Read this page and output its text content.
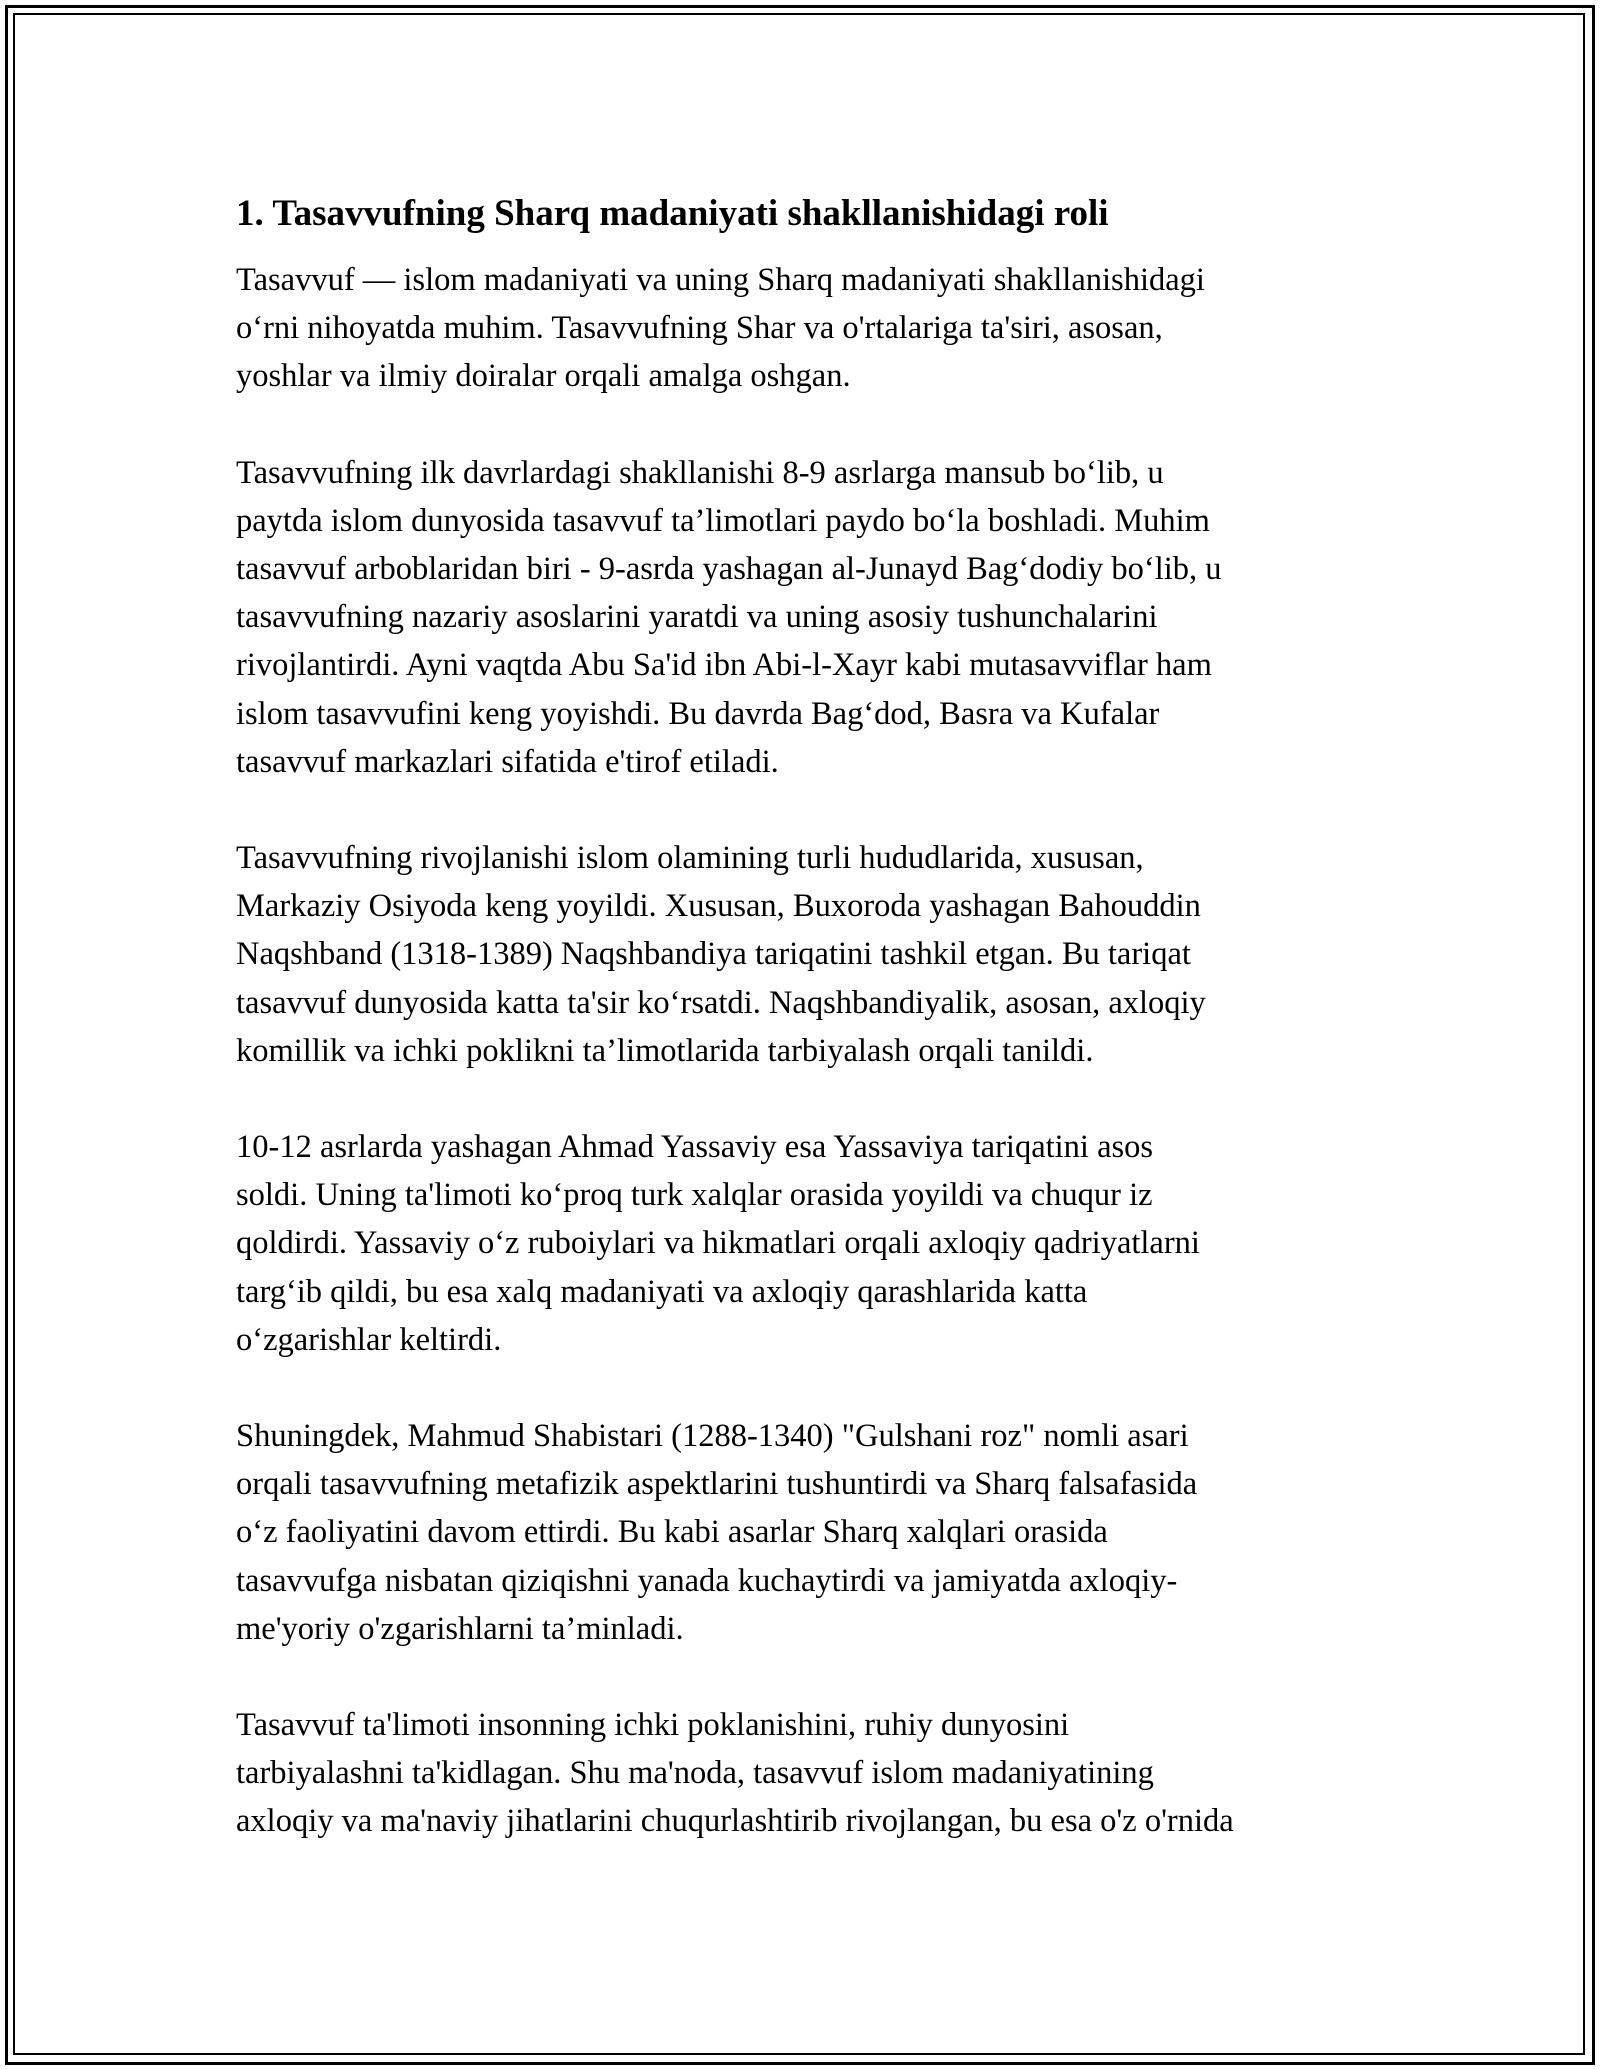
1. Tasavvufning Sharq madaniyati shakllanishidagi roli

Tasavvuf — islom madaniyati va uning Sharq madaniyati shakllanishidagi
o‘rni nihoyatda muhim. Tasavvufning Shar va o'rtalariga ta'siri, asosan,
yoshlar va ilmiy doiralar orqali amalga oshgan.

Tasavvufning ilk davrlardagi shakllanishi 8-9 asrlarga mansub bo‘lib, u
paytda islom dunyosida tasavvuf ta’limotlari paydo bo‘la boshladi. Muhim
tasavvuf arboblaridan biri - 9-asrda yashagan al-Junayd Bag‘dodiy bo‘lib, u
tasavvufning nazariy asoslarini yaratdi va uning asosiy tushunchalarini
rivojlantirdi. Ayni vaqtda Abu Sa'id ibn Abi-l-Xayr kabi mutasavviflar ham
islom tasavvufini keng yoyishdi. Bu davrda Bag‘dod, Basra va Kufalar
tasavvuf markazlari sifatida e'tirof etiladi.

Tasavvufning rivojlanishi islom olamining turli hududlarida, xususan,
Markaziy Osiyoda keng yoyildi. Xususan, Buxoroda yashagan Bahouddin
Naqshband (1318-1389) Naqshbandiya tariqatini tashkil etgan. Bu tariqat
tasavvuf dunyosida katta ta'sir ko‘rsatdi. Naqshbandiyalik, asosan, axloqiy
komillik va ichki poklikni ta’limotlarida tarbiyalash orqali tanildi.

10-12 asrlarda yashagan Ahmad Yassaviy esa Yassaviya tariqatini asos
soldi. Uning ta'limoti ko‘proq turk xalqlar orasida yoyildi va chuqur iz
qoldirdi. Yassaviy o‘z ruboiylari va hikmatlari orqali axloqiy qadriyatlarni
targ‘ib qildi, bu esa xalq madaniyati va axloqiy qarashlarida katta
o‘zgarishlar keltirdi.

Shuningdek, Mahmud Shabistari (1288-1340) "Gulshani roz" nomli asari
orqali tasavvufning metafizik aspektlarini tushuntirdi va Sharq falsafasida
o‘z faoliyatini davom ettirdi. Bu kabi asarlar Sharq xalqlari orasida
tasavvufga nisbatan qiziqishni yanada kuchaytirdi va jamiyatda axloqiy-
me'yoriy o'zgarishlarni ta’minladi.

Tasavvuf ta'limoti insonning ichki poklanishini, ruhiy dunyosini
tarbiyalashni ta'kidlagan. Shu ma'noda, tasavvuf islom madaniyatining
axloqiy va ma'naviy jihatlarini chuqurlashtirib rivojlangan, bu esa o'z o'rnida
